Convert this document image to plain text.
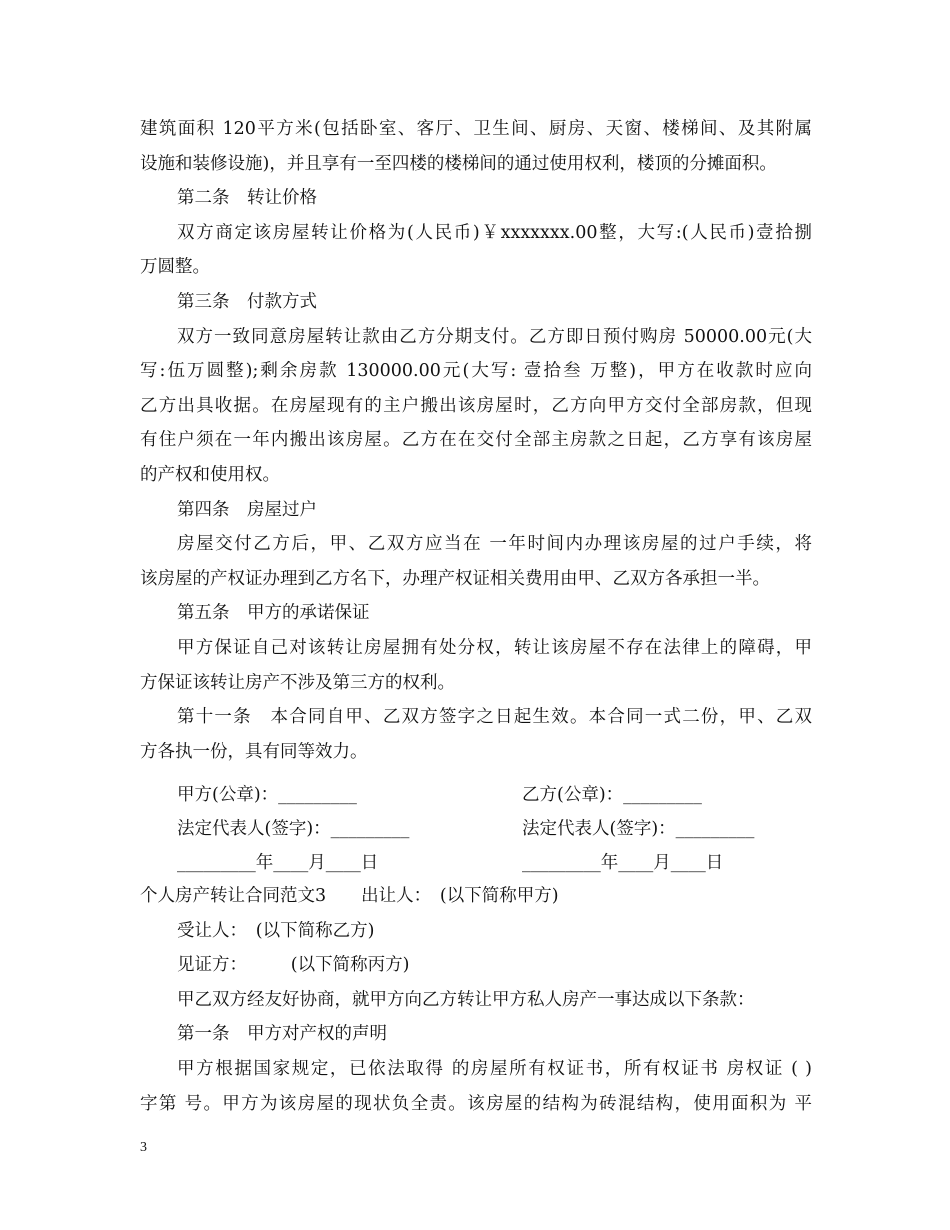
建筑面积 120平方米(包括卧室、客厅、卫生间、厨房、天窗、楼梯间、及其附属
设施和装修设施)，并且享有一至四楼的楼梯间的通过使用权利，楼顶的分摊面积。
第二条　转让价格
双方商定该房屋转让价格为(人民币)￥xxxxxxx.00整，大写:(人民币)壹拾捌
万圆整。
第三条　付款方式
双方一致同意房屋转让款由乙方分期支付。乙方即日预付购房 50000.00元(大
写:伍万圆整);剩余房款 130000.00元(大写: 壹拾叁 万整)，甲方在收款时应向
乙方出具收据。在房屋现有的主户搬出该房屋时，乙方向甲方交付全部房款，但现
有住户须在一年内搬出该房屋。乙方在在交付全部主房款之日起，乙方享有该房屋
的产权和使用权。
第四条　房屋过户
房屋交付乙方后，甲、乙双方应当在 一年时间内办理该房屋的过户手续，将
该房屋的产权证办理到乙方名下，办理产权证相关费用由甲、乙双方各承担一半。
第五条　甲方的承诺保证
甲方保证自己对该转让房屋拥有处分权，转让该房屋不存在法律上的障碍，甲
方保证该转让房产不涉及第三方的权利。
第十一条　本合同自甲、乙双方签字之日起生效。本合同一式二份，甲、乙双
方各执一份，具有同等效力。
甲方(公章)：_________	乙方(公章)：_________
法定代表人(签字)：_________	法定代表人(签字)：_________
_________年____月____日	_________年____月____日
个人房产转让合同范文3　　出让人：　(以下简称甲方)
受让人：　(以下简称乙方)
见证方：　　　(以下简称丙方)
甲乙双方经友好协商，就甲方向乙方转让甲方私人房产一事达成以下条款：
第一条　甲方对产权的声明
甲方根据国家规定，已依法取得 的房屋所有权证书，所有权证书 房权证 ( )
字第 号。甲方为该房屋的现状负全责。该房屋的结构为砖混结构，使用面积为 平
3
